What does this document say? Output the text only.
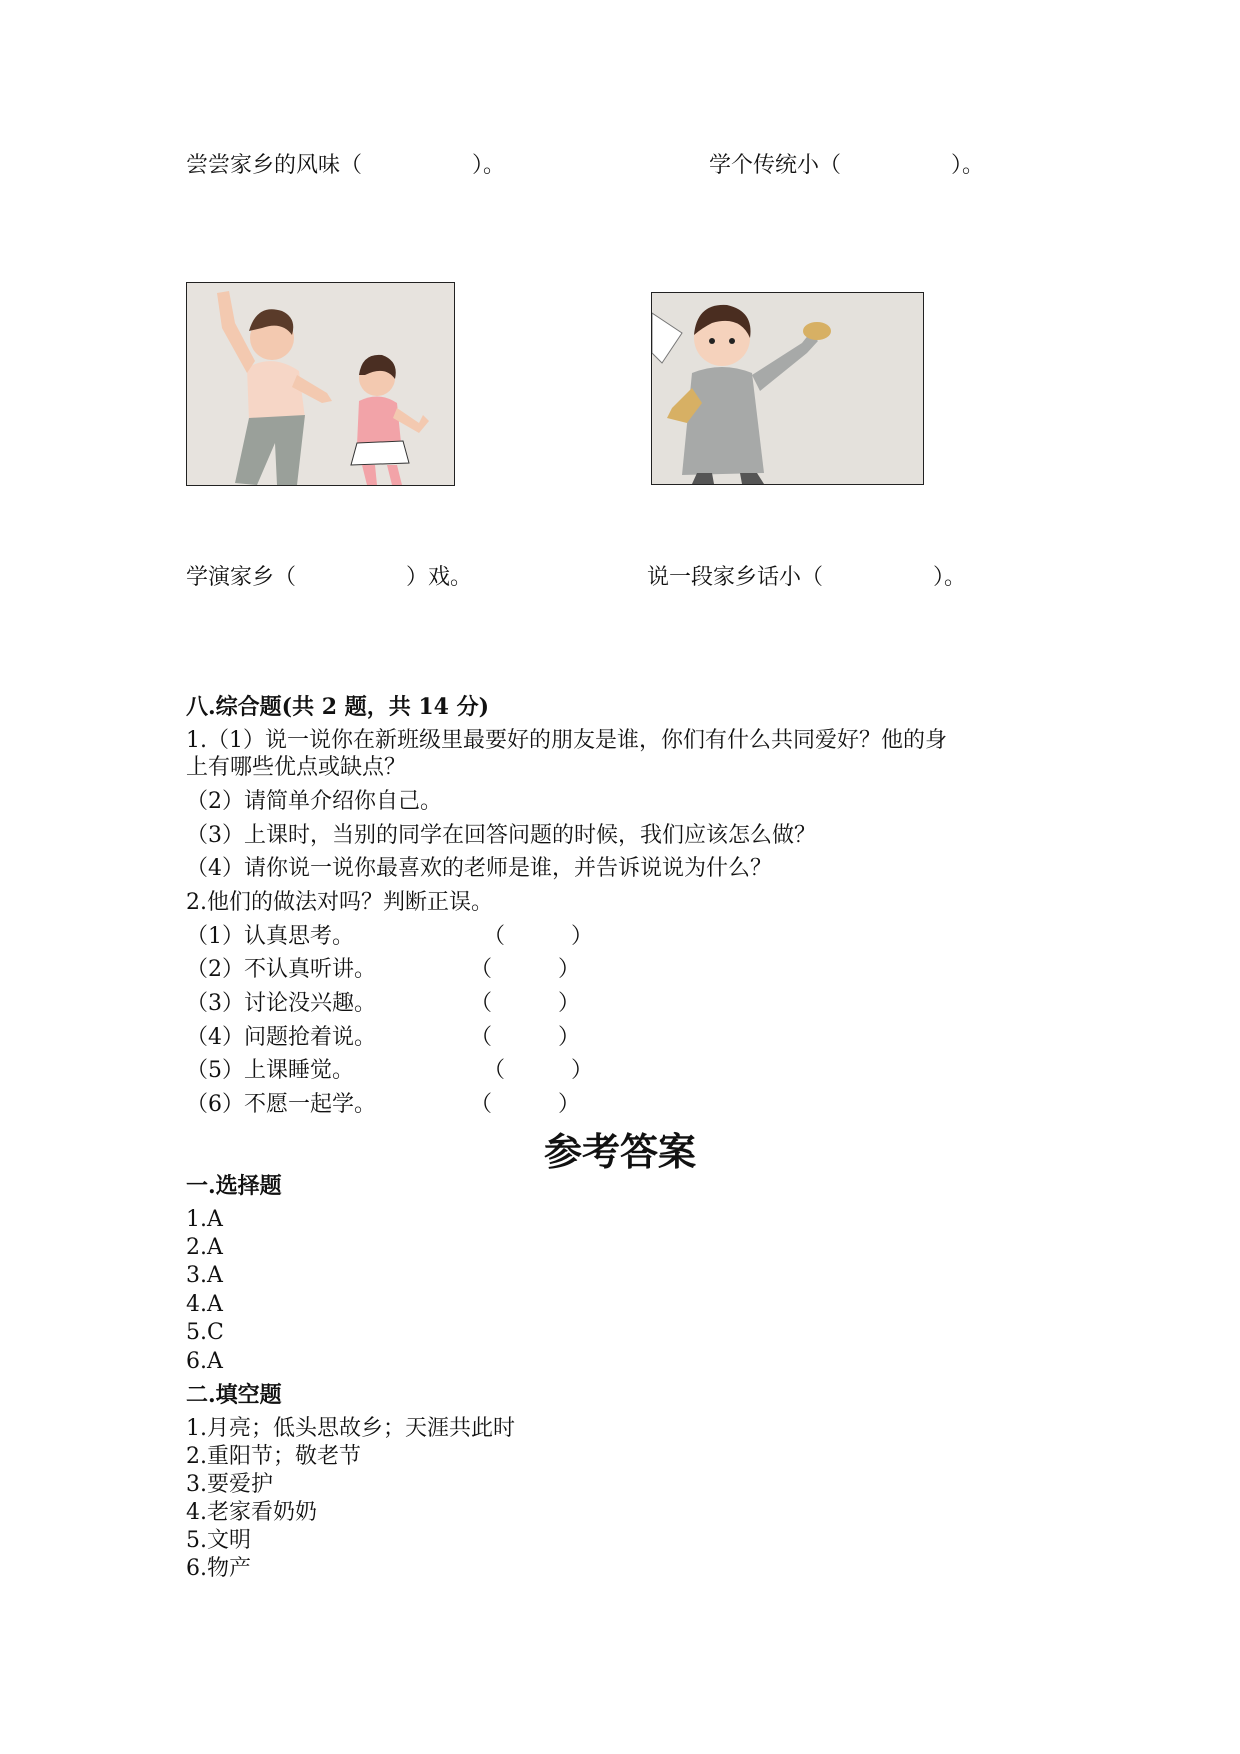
尝尝家乡的风味（　　　　　）。	学个传统小（　　　　　）。
学演家乡（　　　　　）戏。	说一段家乡话小（　　　　　）。
八.综合题(共 2 题，共 14 分)
1.（1）说一说你在新班级里最要好的朋友是谁，你们有什么共同爱好？他的身
上有哪些优点或缺点？
（2）请简单介绍你自己。
（3）上课时，当别的同学在回答问题的时候，我们应该怎么做？
（4）请你说一说你最喜欢的老师是谁，并告诉说说为什么？
2.他们的做法对吗？判断正误。
（1）认真思考。	（　　　）
（2）不认真听讲。	（　　　）
（3）讨论没兴趣。	（　　　）
（4）问题抢着说。	（　　　）
（5）上课睡觉。	（　　　）
（6）不愿一起学。	（　　　）
参考答案
一.选择题
1.A
2.A
3.A
4.A
5.C
6.A
二.填空题
1.月亮；低头思故乡；天涯共此时
2.重阳节；敬老节
3.要爱护
4.老家看奶奶
5.文明
6.物产
